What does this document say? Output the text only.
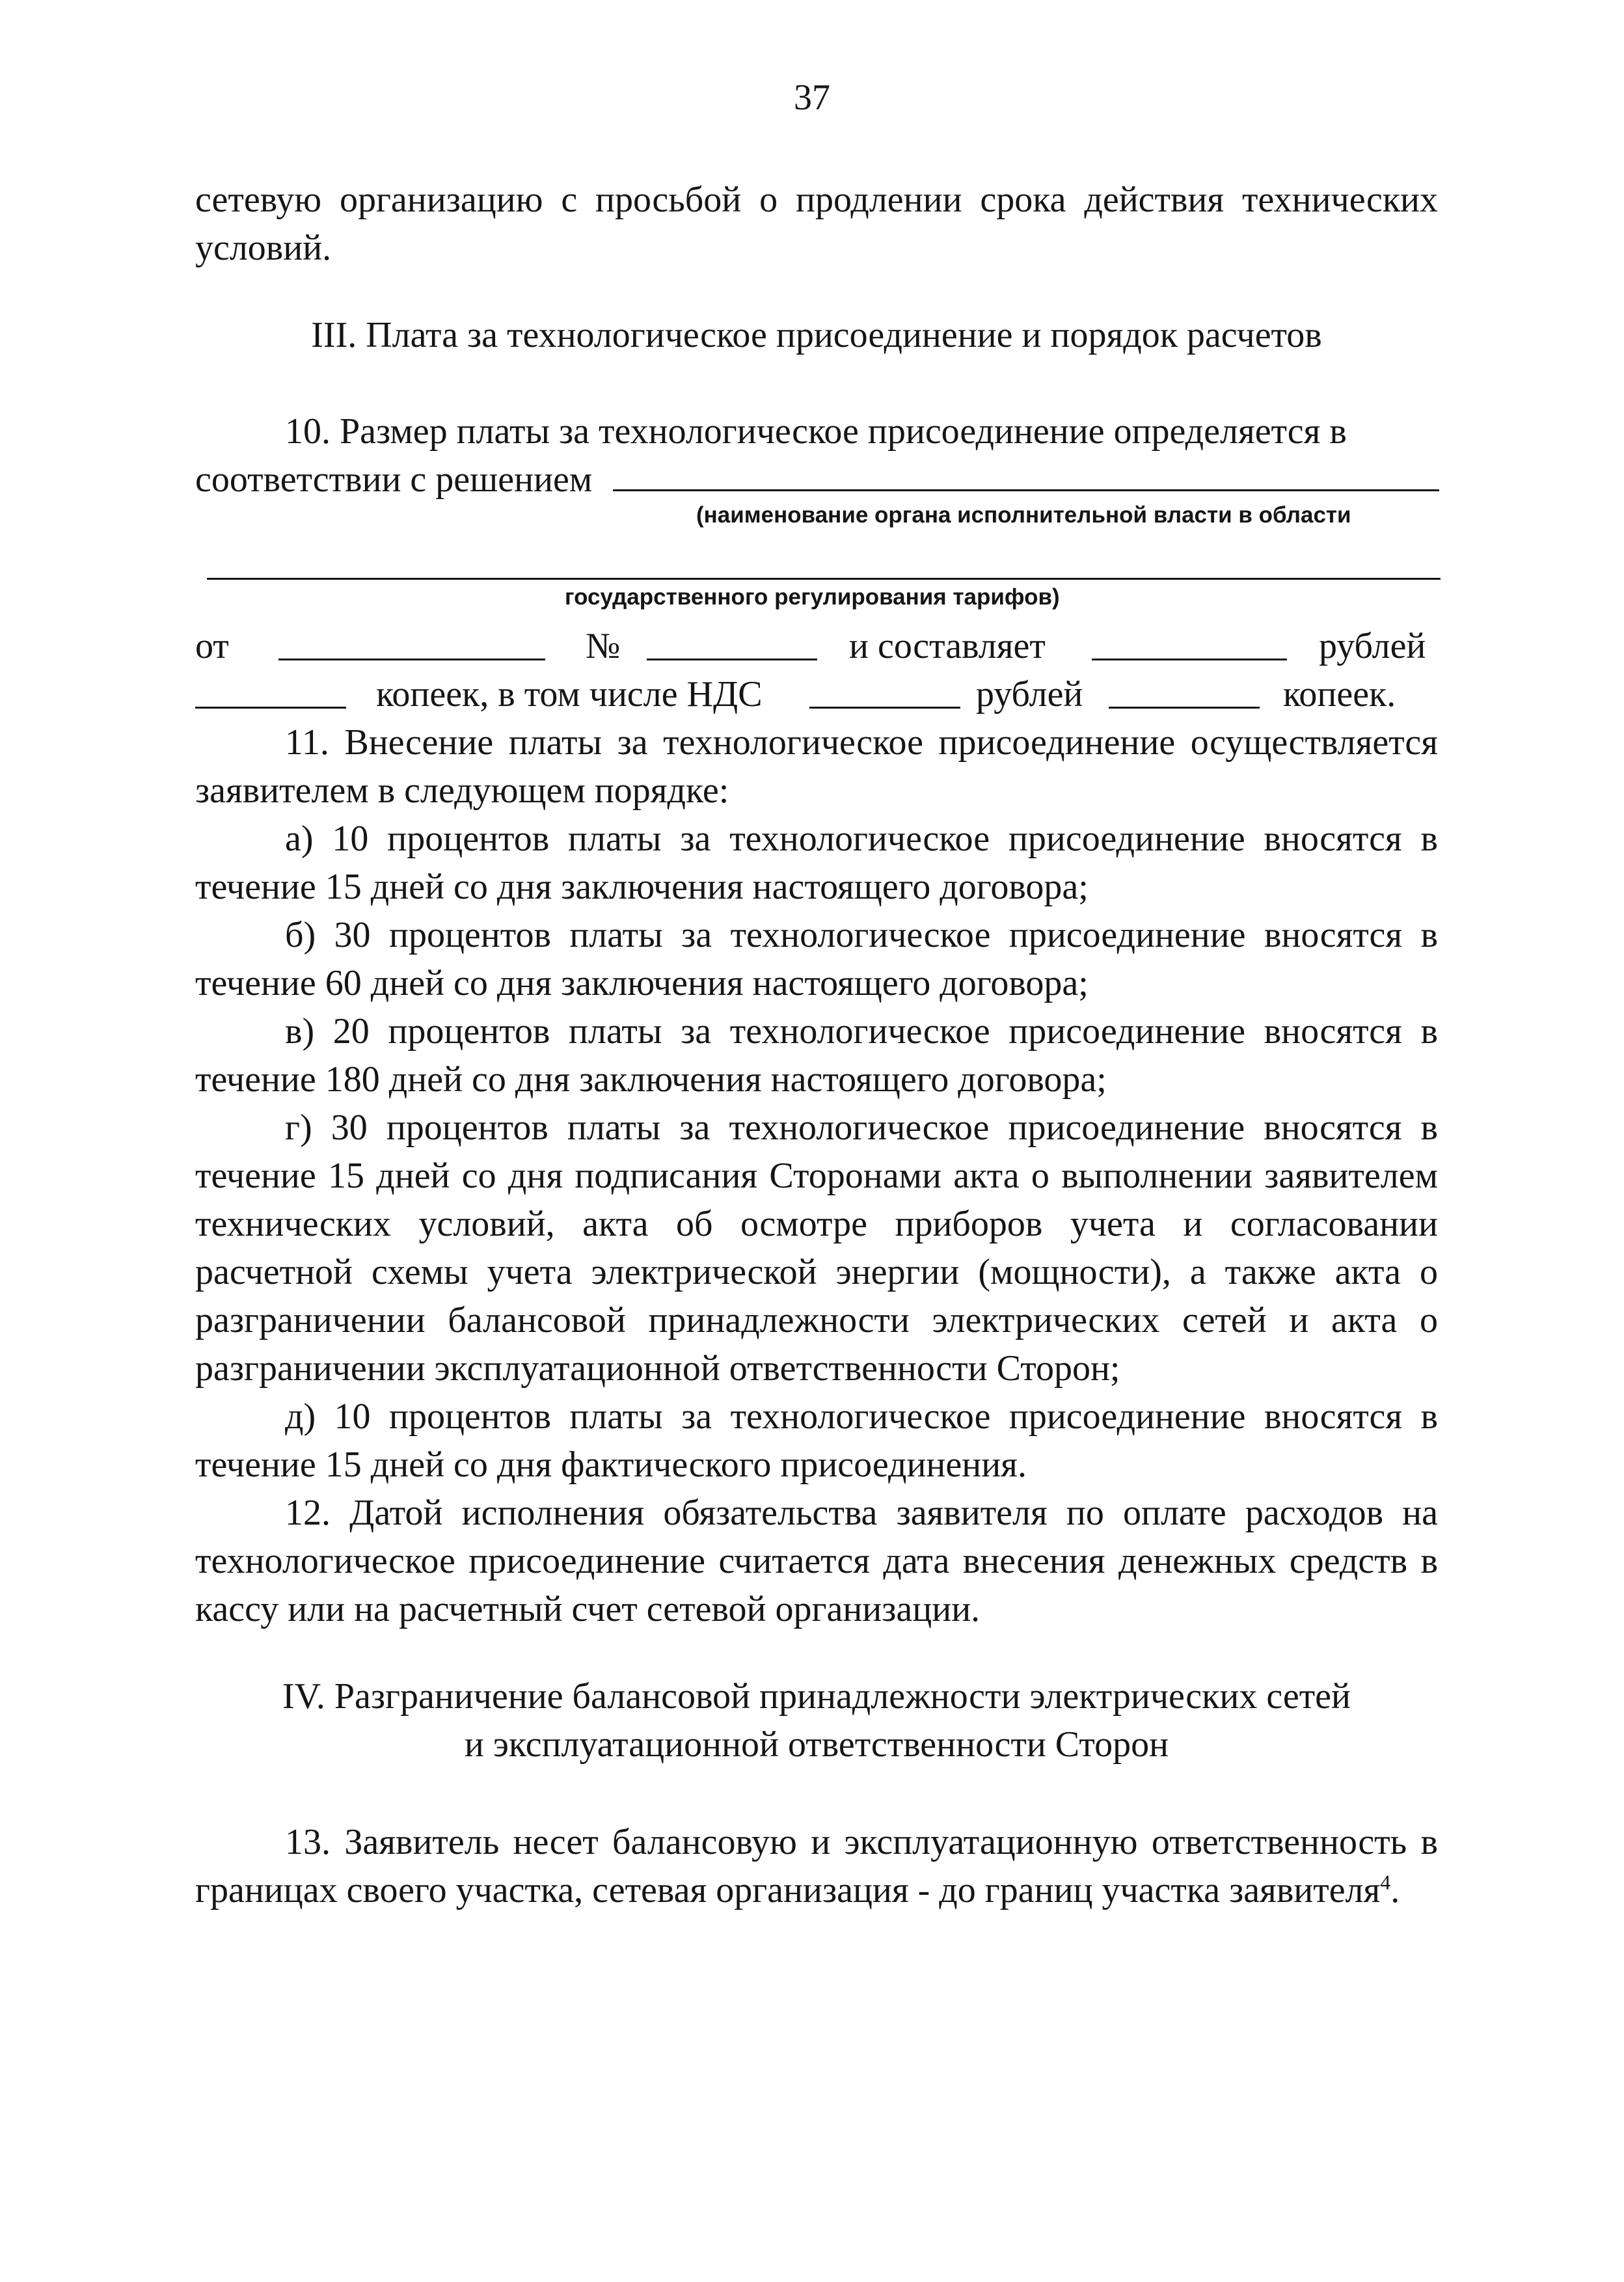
37
сетевую организацию с просьбой о продлении срока действия технических условий.
III. Плата за технологическое присоединение и порядок расчетов
10. Размер платы за технологическое присоединение определяется в
соответствии с решением
(наименование органа исполнительной власти в области
государственного регулирования тарифов)
от	№	и составляет	рублей
копеек, в том числе НДС	рублей	копеек.
11. Внесение платы за технологическое присоединение осуществляется заявителем в следующем порядке:
а) 10 процентов платы за технологическое присоединение вносятся в течение 15 дней со дня заключения настоящего договора;
б) 30 процентов платы за технологическое присоединение вносятся в течение 60 дней со дня заключения настоящего договора;
в) 20 процентов платы за технологическое присоединение вносятся в течение 180 дней со дня заключения настоящего договора;
г) 30 процентов платы за технологическое присоединение вносятся в течение 15 дней со дня подписания Сторонами акта о выполнении заявителем технических условий, акта об осмотре приборов учета и согласовании расчетной схемы учета электрической энергии (мощности), а также акта о разграничении балансовой принадлежности электрических сетей и акта о разграничении эксплуатационной ответственности Сторон;
д) 10 процентов платы за технологическое присоединение вносятся в течение 15 дней со дня фактического присоединения.
12. Датой исполнения обязательства заявителя по оплате расходов на технологическое присоединение считается дата внесения денежных средств в кассу или на расчетный счет сетевой организации.
IV. Разграничение балансовой принадлежности электрических сетей
и эксплуатационной ответственности Сторон
13. Заявитель несет балансовую и эксплуатационную ответственность в границах своего участка, сетевая организация - до границ участка заявителя$^4$.
